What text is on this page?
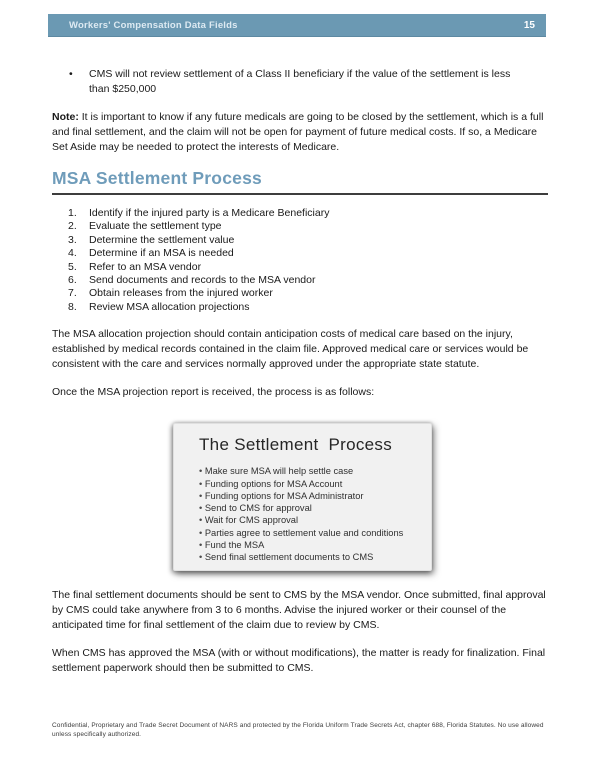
Workers' Compensation Data Fields	15
•	CMS will not review settlement of a Class II beneficiary if the value of the settlement is less than $250,000
Note: It is important to know if any future medicals are going to be closed by the settlement, which is a full and final settlement, and the claim will not be open for payment of future medical costs. If so, a Medicare Set Aside may be needed to protect the interests of Medicare.
MSA Settlement Process
1.	Identify if the injured party is a Medicare Beneficiary
2.	Evaluate the settlement type
3.	Determine the settlement value
4.	Determine if an MSA is needed
5.	Refer to an MSA vendor
6.	Send documents and records to the MSA vendor
7.	Obtain releases from the injured worker
8.	Review MSA allocation projections
The MSA allocation projection should contain anticipation costs of medical care based on the injury, established by medical records contained in the claim file. Approved medical care or services would be consistent with the care and services normally approved under the appropriate state statute.
Once the MSA projection report is received, the process is as follows:
The Settlement  Process
• Make sure MSA will help settle case
• Funding options for MSA Account
• Funding options for MSA Administrator
• Send to CMS for approval
• Wait for CMS approval
• Parties agree to settlement value and conditions
• Fund the MSA
• Send final settlement documents to CMS
The final settlement documents should be sent to CMS by the MSA vendor. Once submitted, final approval by CMS could take anywhere from 3 to 6 months. Advise the injured worker or their counsel of the anticipated time for final settlement of the claim due to review by CMS.
When CMS has approved the MSA (with or without modifications), the matter is ready for finalization. Final settlement paperwork should then be submitted to CMS.
Confidential, Proprietary and Trade Secret Document of NARS and protected by the Florida Uniform Trade Secrets Act, chapter 688, Florida Statutes. No use allowed unless specifically authorized.
